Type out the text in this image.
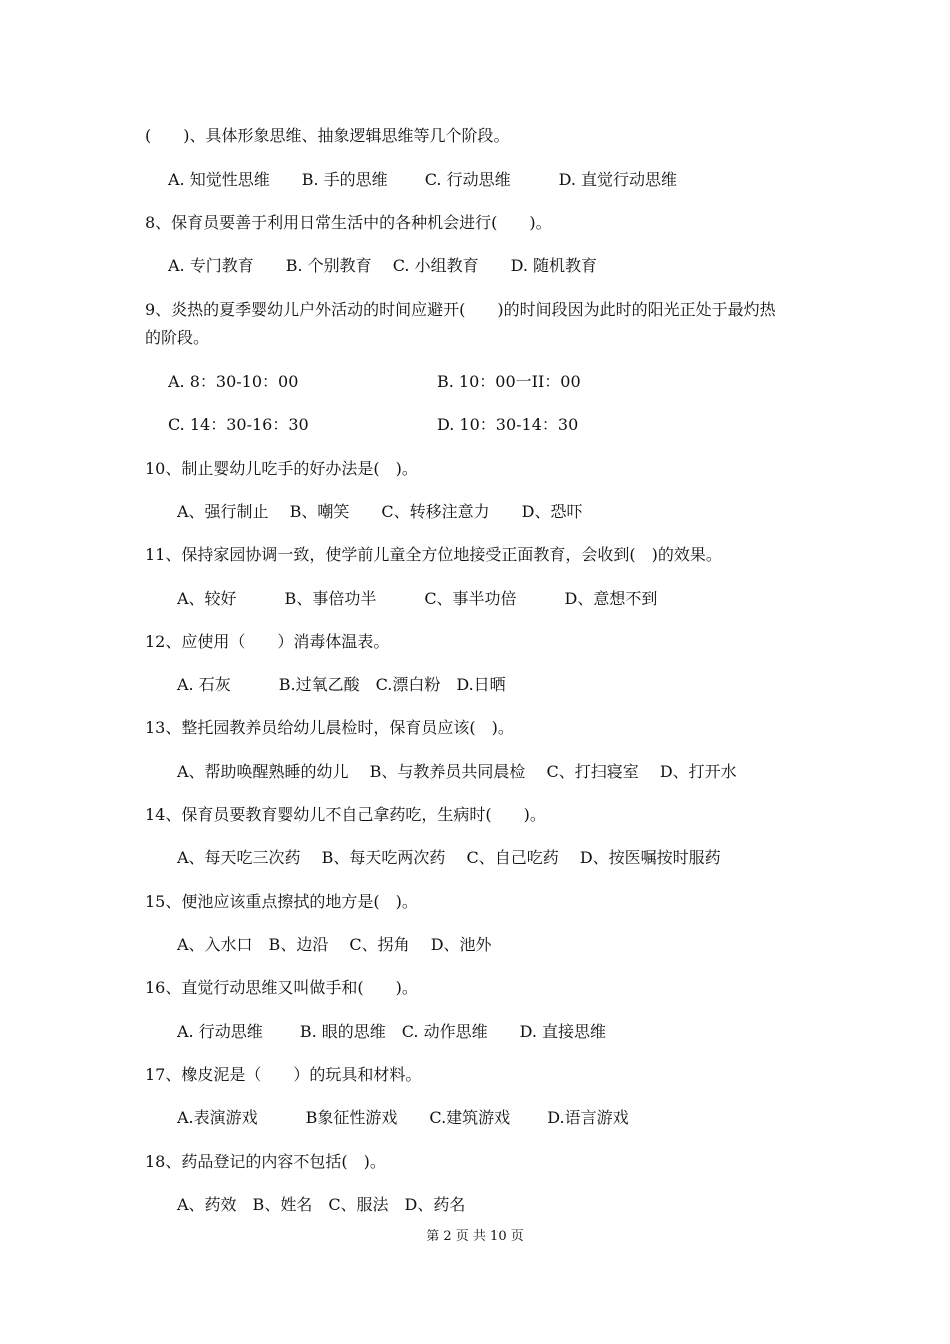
(　　)、具体形象思维、抽象逻辑思维等几个阶段。
A. 知觉性思维　　B. 手的思维　　 C. 行动思维　　　D. 直觉行动思维
8、保育员要善于利用日常生活中的各种机会进行(　　)。
A. 专门教育　　B. 个别教育　 C. 小组教育　　D. 随机教育
9、炎热的夏季婴幼儿户外活动的时间应避开(　　)的时间段因为此时的阳光正处于最灼热
的阶段。
A. 8：30-10：00	B. 10：00一II：00
C. 14：30-16：30	D. 10：30-14：30
10、制止婴幼儿吃手的好办法是(　)。
A、强行制止　 B、嘲笑　　C、转移注意力　　D、恐吓
11、保持家园协调一致，使学前儿童全方位地接受正面教育，会收到(　)的效果。
A、较好　　　B、事倍功半　　　C、事半功倍　　　D、意想不到
12、应使用（　　）消毒体温表。
A. 石灰　　　B.过氧乙酸　C.漂白粉　D.日晒
13、整托园教养员给幼儿晨检时，保育员应该(　)。
A、帮助唤醒熟睡的幼儿　 B、与教养员共同晨检　 C、打扫寝室　 D、打开水
14、保育员要教育婴幼儿不自己拿药吃，生病时(　　)。
A、每天吃三次药　 B、每天吃两次药　 C、自己吃药　 D、按医嘱按时服药
15、便池应该重点擦拭的地方是(　)。
A、入水口　B、边沿　 C、拐角　 D、池外
16、直觉行动思维又叫做手和(　　)。
A. 行动思维　　 B. 眼的思维　C. 动作思维　　D. 直接思维
17、橡皮泥是（　　）的玩具和材料。
A.表演游戏　　　B象征性游戏　　C.建筑游戏　　 D.语言游戏
18、药品登记的内容不包括(　)。
A、药效　B、姓名　C、服法　D、药名
第 2 页 共 10 页
